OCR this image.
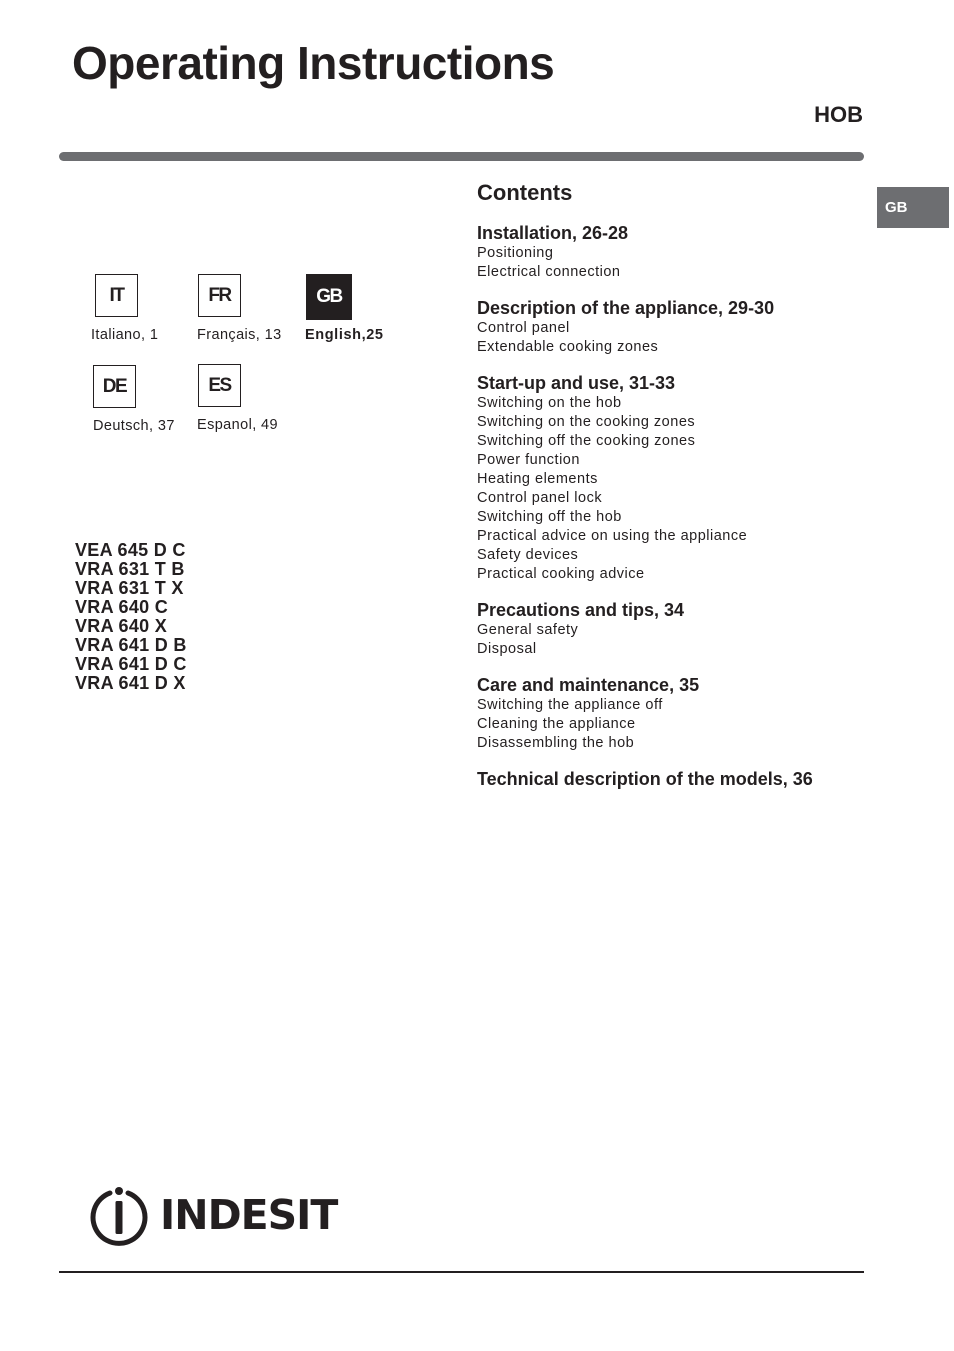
Operating Instructions
HOB
GB
IT
Italiano, 1
FR
Français, 13
GB
English,25
DE
Deutsch, 37
ES
Espanol, 49
VEA 645 D C
VRA 631 T B
VRA 631 T X
VRA 640 C
VRA 640 X
VRA 641 D B
VRA 641 D C
VRA 641 D X
Contents
Installation, 26-28
Positioning
Electrical connection
Description of the appliance, 29-30
Control panel
Extendable cooking zones
Start-up and use, 31-33
Switching on the hob
Switching on the cooking zones
Switching off the cooking zones
Power function
Heating elements
Control panel lock
Switching off the hob
Practical advice on using the appliance
Safety devices
Practical cooking advice
Precautions and tips, 34
General safety
Disposal
Care and maintenance, 35
Switching the appliance off
Cleaning the appliance
Disassembling the hob
Technical description of the models, 36
INDESIT
